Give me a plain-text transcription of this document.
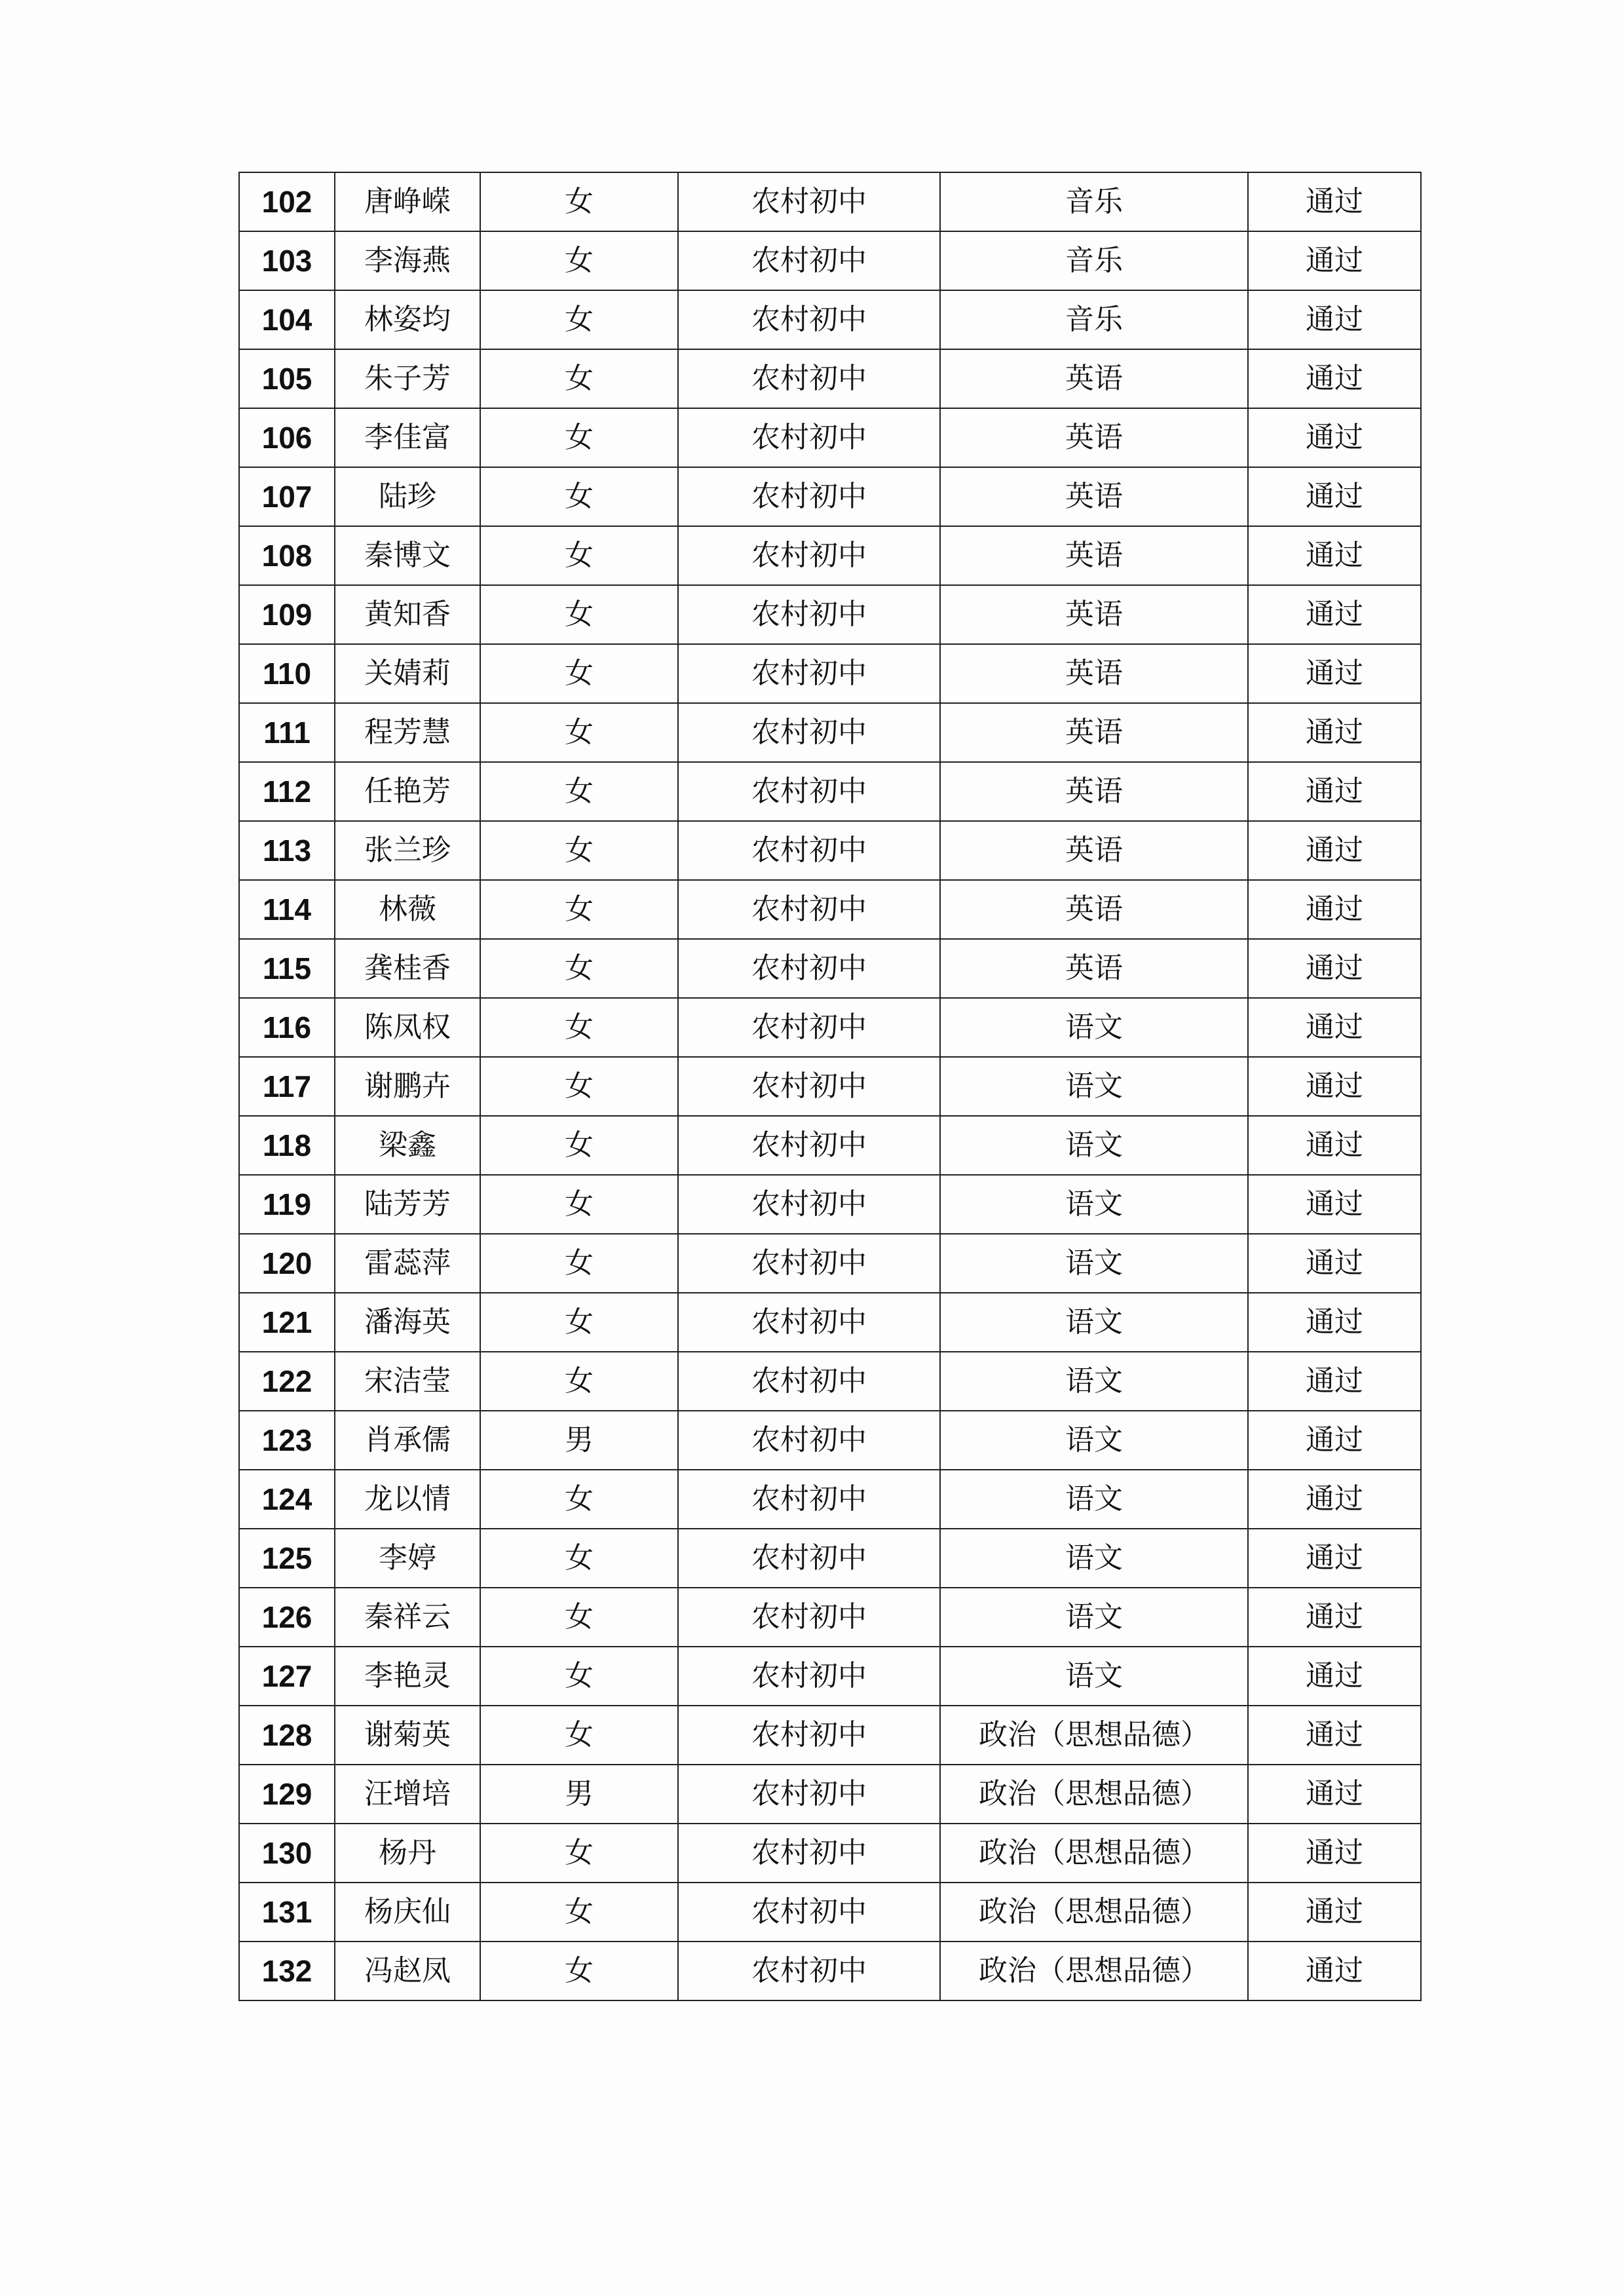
102	唐峥嵘	女	农村初中	音乐	通过
103	李海燕	女	农村初中	音乐	通过
104	林姿均	女	农村初中	音乐	通过
105	朱子芳	女	农村初中	英语	通过
106	李佳富	女	农村初中	英语	通过
107	陆珍	女	农村初中	英语	通过
108	秦博文	女	农村初中	英语	通过
109	黄知香	女	农村初中	英语	通过
110	关婧莉	女	农村初中	英语	通过
111	程芳慧	女	农村初中	英语	通过
112	任艳芳	女	农村初中	英语	通过
113	张兰珍	女	农村初中	英语	通过
114	林薇	女	农村初中	英语	通过
115	龚桂香	女	农村初中	英语	通过
116	陈凤权	女	农村初中	语文	通过
117	谢鹏卉	女	农村初中	语文	通过
118	梁鑫	女	农村初中	语文	通过
119	陆芳芳	女	农村初中	语文	通过
120	雷蕊萍	女	农村初中	语文	通过
121	潘海英	女	农村初中	语文	通过
122	宋洁莹	女	农村初中	语文	通过
123	肖承儒	男	农村初中	语文	通过
124	龙以情	女	农村初中	语文	通过
125	李婷	女	农村初中	语文	通过
126	秦祥云	女	农村初中	语文	通过
127	李艳灵	女	农村初中	语文	通过
128	谢菊英	女	农村初中	政治（思想品德）	通过
129	汪增培	男	农村初中	政治（思想品德）	通过
130	杨丹	女	农村初中	政治（思想品德）	通过
131	杨庆仙	女	农村初中	政治（思想品德）	通过
132	冯赵凤	女	农村初中	政治（思想品德）	通过
